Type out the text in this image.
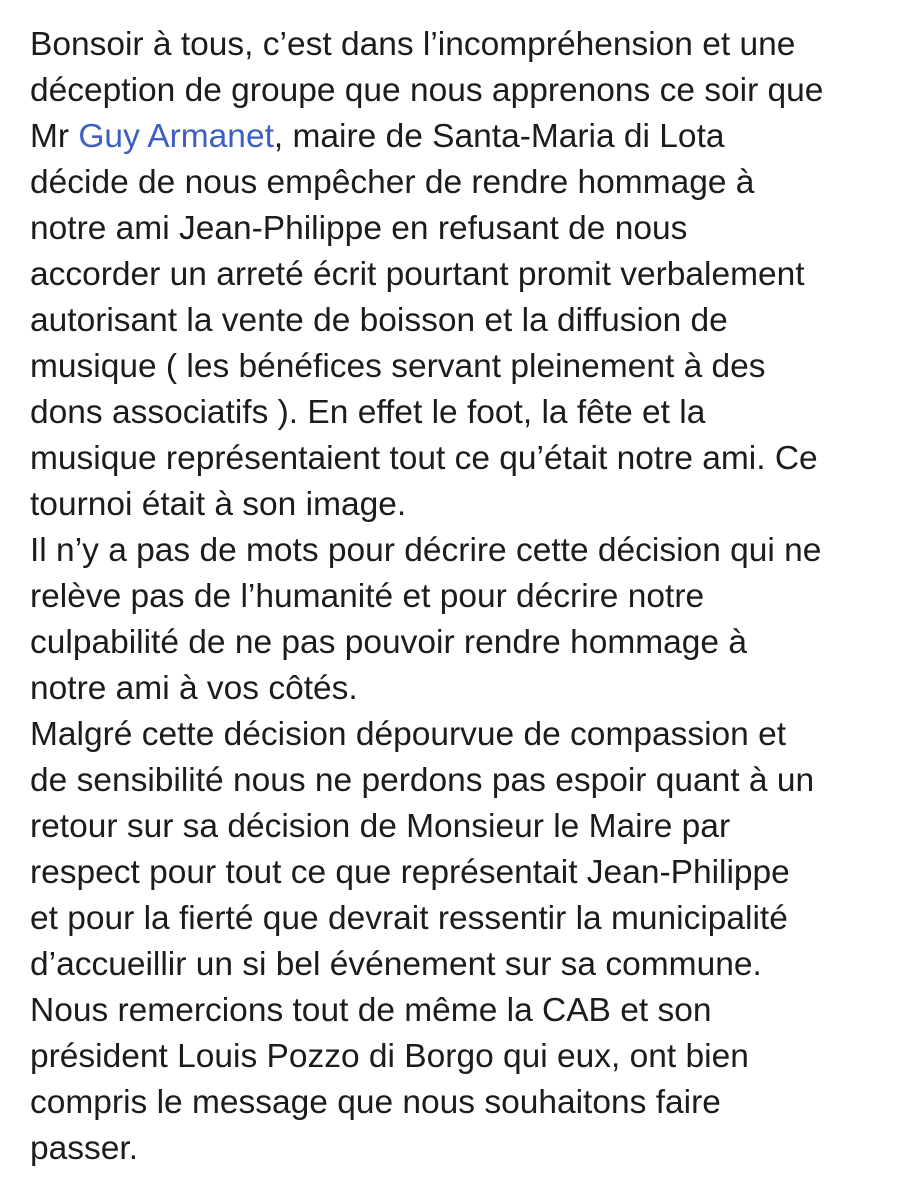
Bonsoir à tous, c’est dans l’incompréhension et une
déception de groupe que nous apprenons ce soir que
Mr Guy Armanet, maire de Santa-Maria di Lota
décide de nous empêcher de rendre hommage à
notre ami Jean-Philippe en refusant de nous
accorder un arreté écrit pourtant promit verbalement
autorisant la vente de boisson et la diffusion de
musique ( les bénéfices servant pleinement à des
dons associatifs ). En effet le foot, la fête et la
musique représentaient tout ce qu’était notre ami. Ce
tournoi était à son image.
Il n’y a pas de mots pour décrire cette décision qui ne
relève pas de l’humanité et pour décrire notre
culpabilité de ne pas pouvoir rendre hommage à
notre ami à vos côtés.
Malgré cette décision dépourvue de compassion et
de sensibilité nous ne perdons pas espoir quant à un
retour sur sa décision de Monsieur le Maire par
respect pour tout ce que représentait Jean-Philippe
et pour la fierté que devrait ressentir la municipalité
d’accueillir un si bel événement sur sa commune.
Nous remercions tout de même la CAB et son
président Louis Pozzo di Borgo qui eux, ont bien
compris le message que nous souhaitons faire
passer.
